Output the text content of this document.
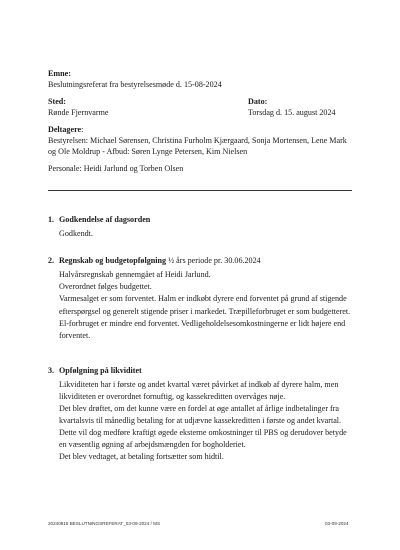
Emne:
Beslutningsreferat fra bestyrelsesmøde d. 15-08-2024
Sted:
Rønde Fjernvarme
Dato:
Torsdag d. 15. august 2024
Deltagere:
Bestyrelsen: Michael Sørensen, Christina Furholm Kjærgaard, Sonja Mortensen, Lene Mark
og Ole Moldrup - Afbud: Søren Lynge Petersen, Kim Nielsen
Personale: Heidi Jarlund og Torben Olsen
1. Godkendelse af dagsorden

Godkendt.

2. Regnskab og budgetopfølgning ½ års periode pr. 30.06.2024

Halvårsregnskab gennemgået af Heidi Jarlund.

Overordnet følges budgettet.

Varmesalget er som forventet. Halm er indkøbt dyrere end forventet på grund af stigende

efterspørgsel og generelt stigende priser i markedet. Træpilleforbruget er som budgetteret.

El-forbruget er mindre end forventet. Vedligeholdelsesomkostningerne er lidt højere end

forventet.

3. Opfølgning på likviditet

Likviditeten har i første og andet kvartal været påvirket af indkøb af dyrere halm, men

likviditeten er overordnet fornuftig, og kassekreditten overvåges nøje.

Det blev drøftet, om det kunne være en fordel at øge antallet af årlige indbetalinger fra

kvartalsvis til månedlig betaling for at udjævne kassekreditten i første og andet kvartal.

Dette vil dog medføre kraftigt øgede eksterne omkostninger til PBS og derudover betyde

en væsentlig øgning af arbejdsmængden for bogholderiet.

Det blev vedtaget, at betaling fortsætter som hidtil.

20240815 BESLUTNINGSREFERAT_03-09-2024 / MS	03-09-2024
